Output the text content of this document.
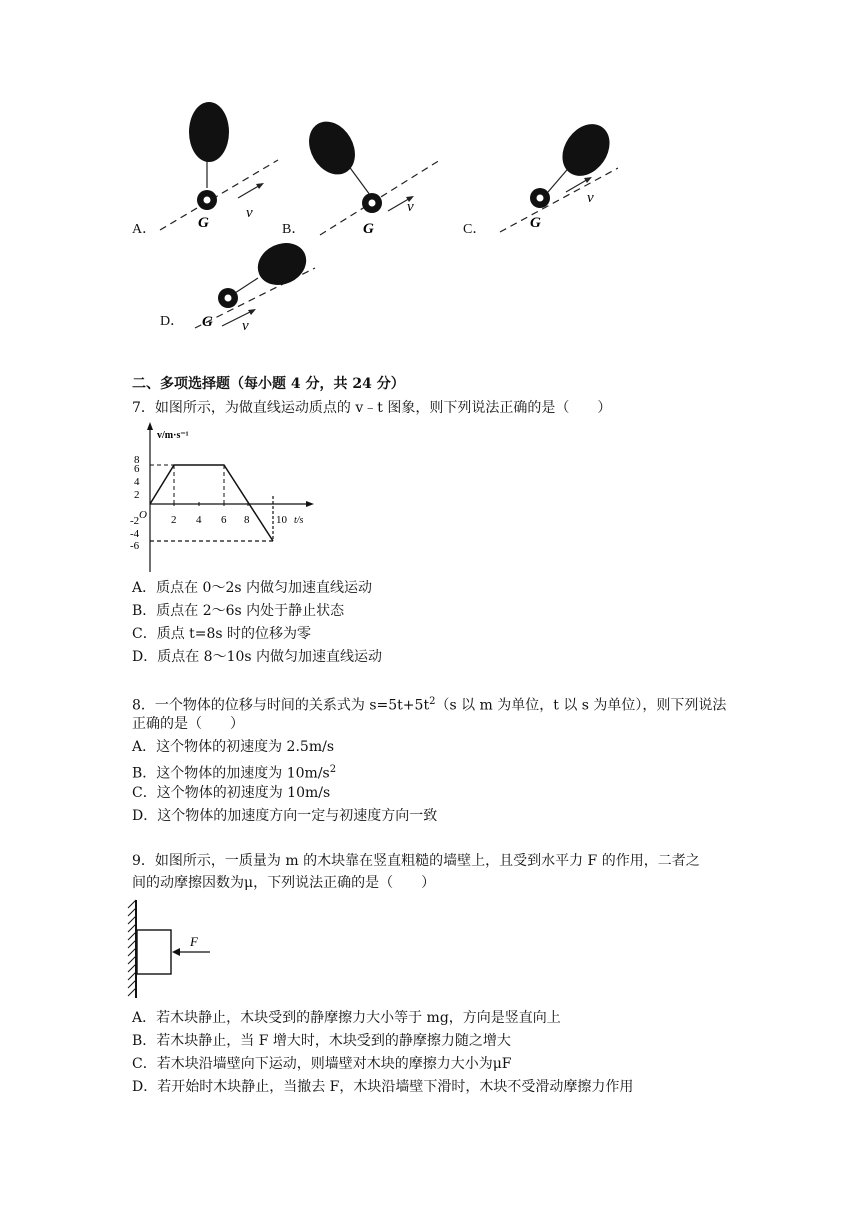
A．	G
v
B．	G
v
C．	G
v
D． G v
二、多项选择题（每小题 4 分，共 24 分）
7．如图所示，为做直线运动质点的 v﹣t 图象，则下列说法正确的是（　　）
v/m·s⁻¹
t/s
O
8
6
4
2
-2
-4
-6
2 4 6 8 10
A．质点在 0～2s 内做匀加速直线运动
B．质点在 2～6s 内处于静止状态
C．质点 t=8s 时的位移为零
D．质点在 8～10s 内做匀加速直线运动
8．一个物体的位移与时间的关系式为 $s=5t+5t^2(s$ 以 m 为单位，t 以 s 为单位），则下列说法
正确的是（　　）
A．这个物体的初速度为 2.5m/s
B．这个物体的加速度为 $10m/s^2$
C．这个物体的初速度为 10m/s
D．这个物体的加速度方向一定与初速度方向一致
9．如图所示，一质量为 m 的木块靠在竖直粗糙的墙壁上，且受到水平力 F 的作用，二者之
间的动摩擦因数为μ，下列说法正确的是（　　）
F
A．若木块静止，木块受到的静摩擦力大小等于 mg，方向是竖直向上
B．若木块静止，当 F 增大时，木块受到的静摩擦力随之增大
C．若木块沿墙壁向下运动，则墙壁对木块的摩擦力大小为μF
D．若开始时木块静止，当撤去 F，木块沿墙壁下滑时，木块不受滑动摩擦力作用
